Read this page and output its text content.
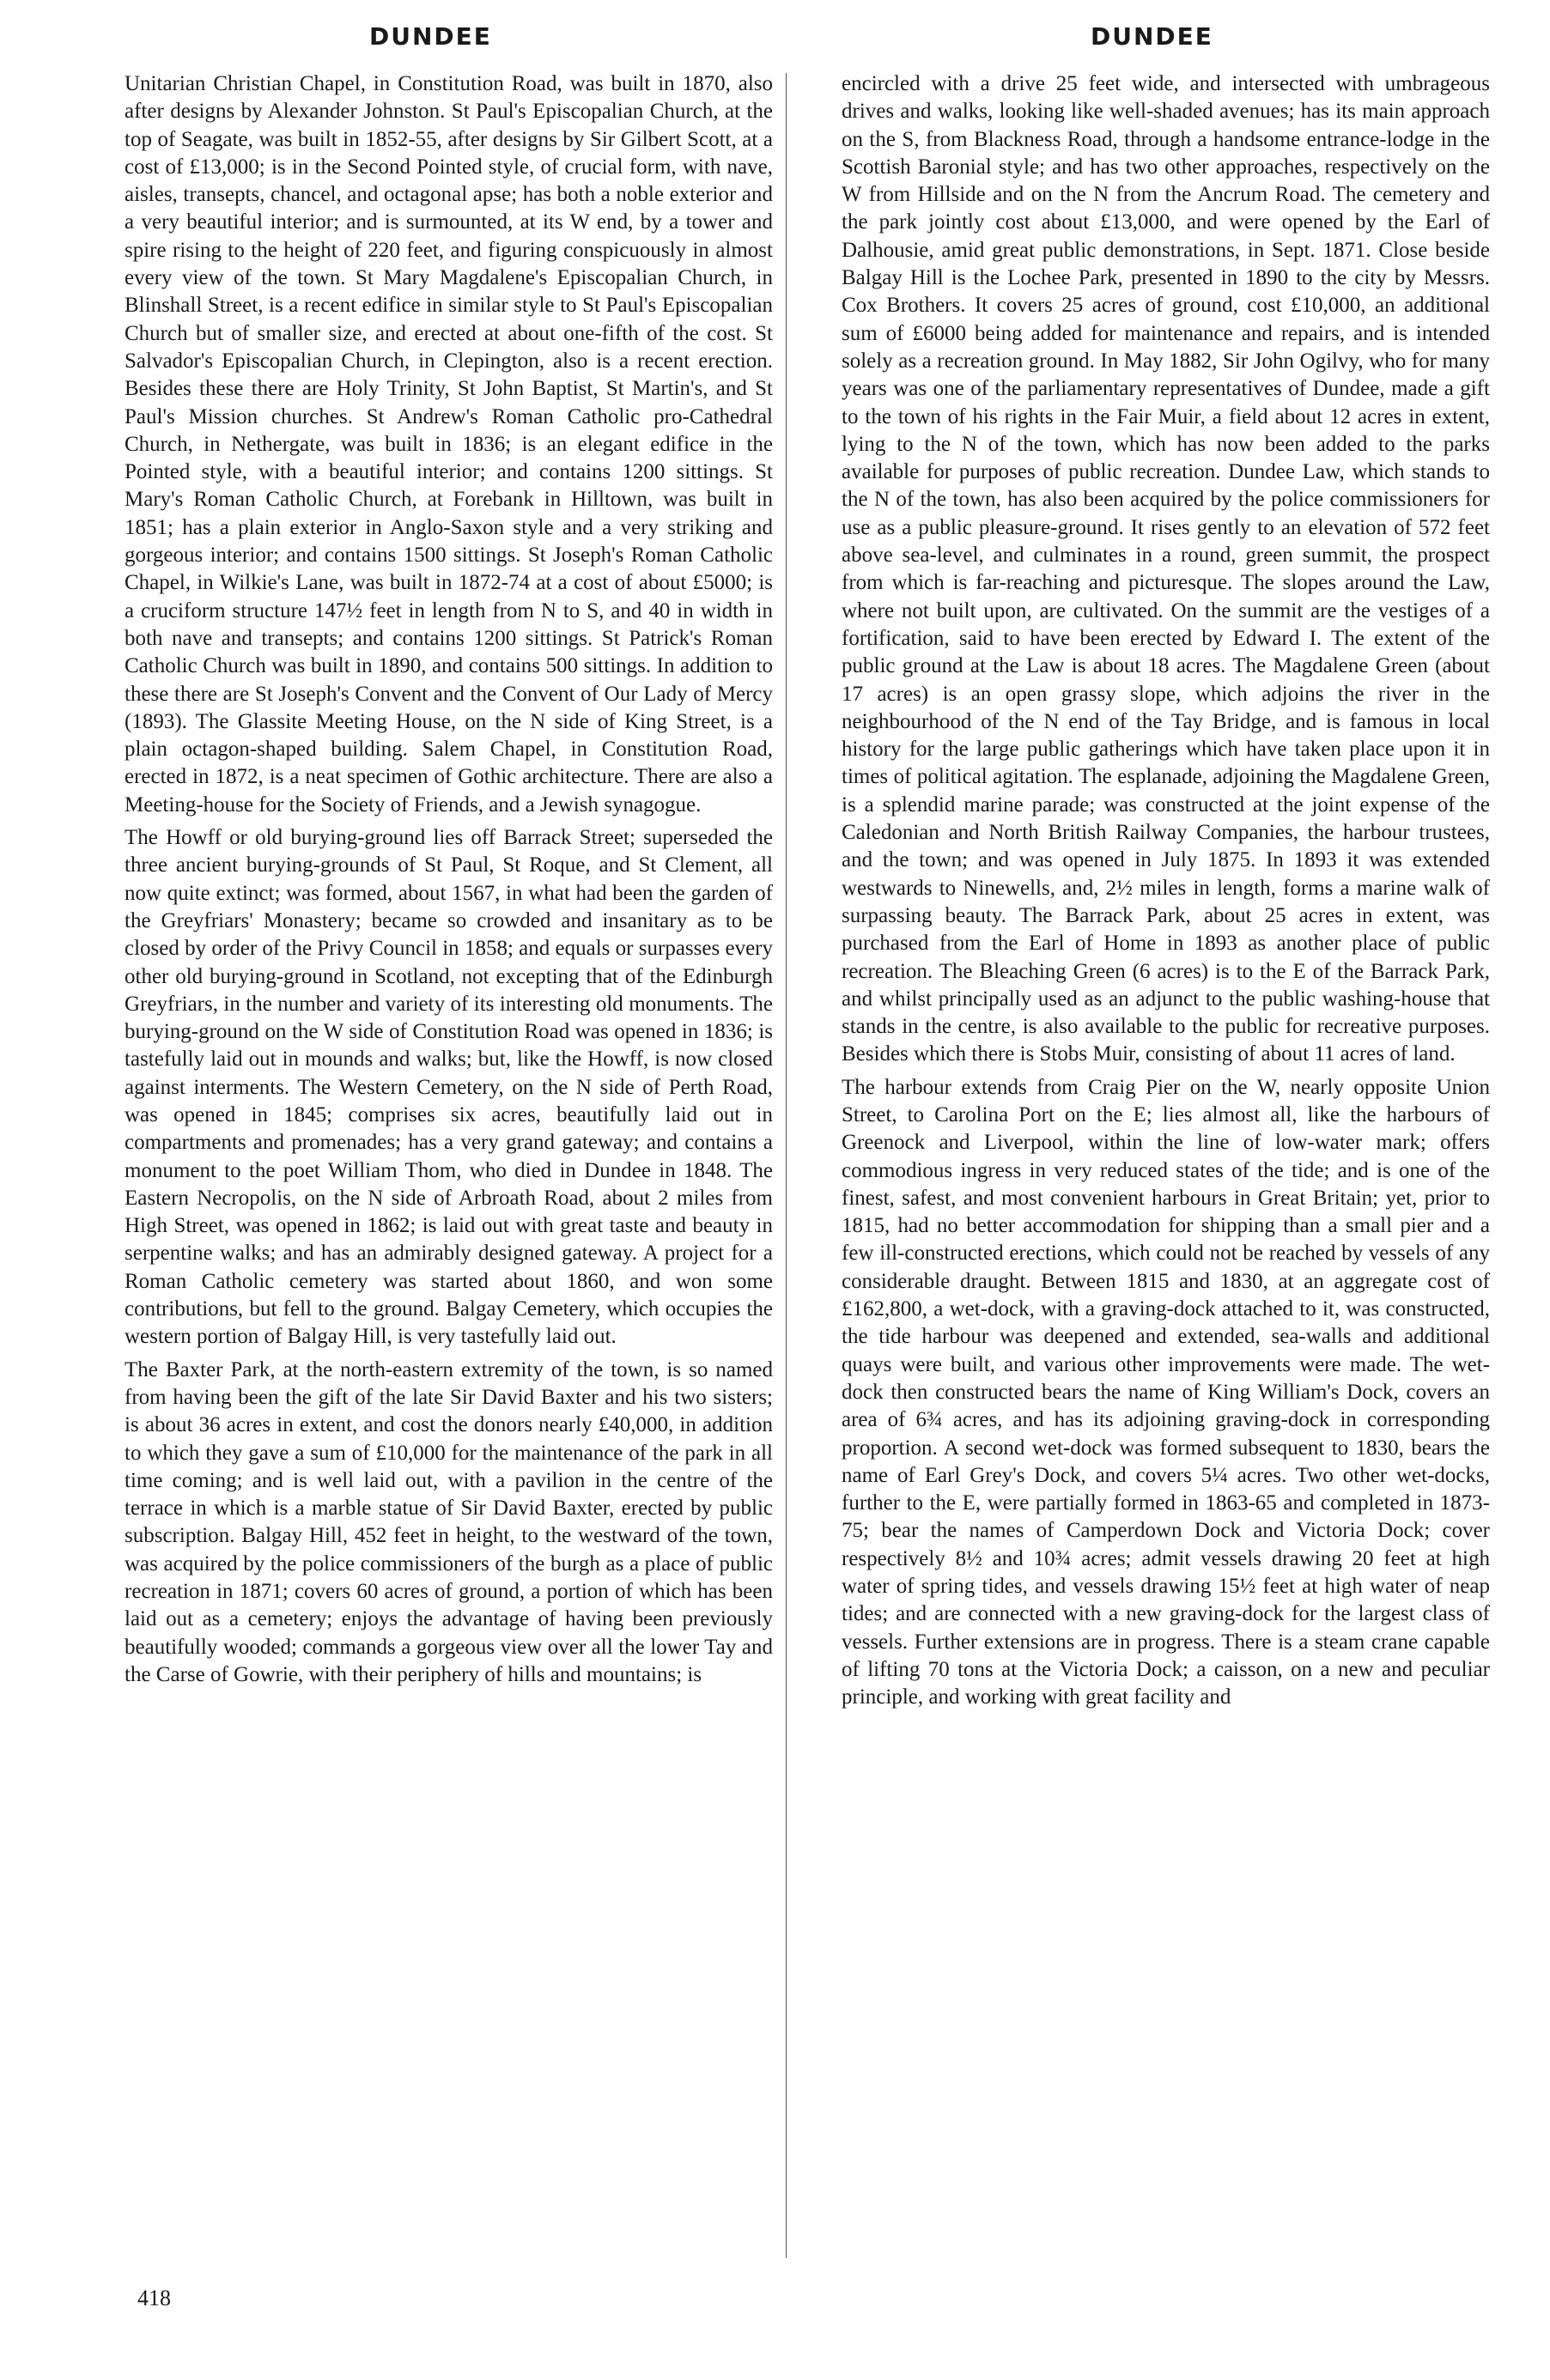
DUNDEE	DUNDEE

Unitarian Christian Chapel, in Constitution Road, was built in 1870, also after designs by Alexander Johnston. St Paul's Episcopalian Church, at the top of Seagate, was built in 1852-55, after designs by Sir Gilbert Scott, at a cost of £13,000; is in the Second Pointed style, of crucial form, with nave, aisles, transepts, chancel, and octagonal apse; has both a noble exterior and a very beautiful interior; and is surmounted, at its W end, by a tower and spire rising to the height of 220 feet, and figuring conspicuously in almost every view of the town. St Mary Magdalene's Episcopalian Church, in Blinshall Street, is a recent edifice in similar style to St Paul's Episcopalian Church but of smaller size, and erected at about one-fifth of the cost. St Salvador's Episcopalian Church, in Clepington, also is a recent erection. Besides these there are Holy Trinity, St John Baptist, St Martin's, and St Paul's Mission churches. St Andrew's Roman Catholic pro-Cathedral Church, in Nethergate, was built in 1836; is an elegant edifice in the Pointed style, with a beautiful interior; and contains 1200 sittings. St Mary's Roman Catholic Church, at Forebank in Hilltown, was built in 1851; has a plain exterior in Anglo-Saxon style and a very striking and gorgeous interior; and contains 1500 sittings. St Joseph's Roman Catholic Chapel, in Wilkie's Lane, was built in 1872-74 at a cost of about £5000; is a cruciform structure 147½ feet in length from N to S, and 40 in width in both nave and transepts; and contains 1200 sittings. St Patrick's Roman Catholic Church was built in 1890, and contains 500 sittings. In addition to these there are St Joseph's Convent and the Convent of Our Lady of Mercy (1893). The Glassite Meeting House, on the N side of King Street, is a plain octagon-shaped building. Salem Chapel, in Constitution Road, erected in 1872, is a neat specimen of Gothic architecture. There are also a Meeting-house for the Society of Friends, and a Jewish synagogue.

The Howff or old burying-ground lies off Barrack Street; superseded the three ancient burying-grounds of St Paul, St Roque, and St Clement, all now quite extinct; was formed, about 1567, in what had been the garden of the Greyfriars' Monastery; became so crowded and insanitary as to be closed by order of the Privy Council in 1858; and equals or surpasses every other old burying-ground in Scotland, not excepting that of the Edinburgh Greyfriars, in the number and variety of its interesting old monuments. The burying-ground on the W side of Constitution Road was opened in 1836; is tastefully laid out in mounds and walks; but, like the Howff, is now closed against interments. The Western Cemetery, on the N side of Perth Road, was opened in 1845; comprises six acres, beautifully laid out in compartments and promenades; has a very grand gateway; and contains a monument to the poet William Thom, who died in Dundee in 1848. The Eastern Necropolis, on the N side of Arbroath Road, about 2 miles from High Street, was opened in 1862; is laid out with great taste and beauty in serpentine walks; and has an admirably designed gateway. A project for a Roman Catholic cemetery was started about 1860, and won some contributions, but fell to the ground. Balgay Cemetery, which occupies the western portion of Balgay Hill, is very tastefully laid out.

The Baxter Park, at the north-eastern extremity of the town, is so named from having been the gift of the late Sir David Baxter and his two sisters; is about 36 acres in extent, and cost the donors nearly £40,000, in addition to which they gave a sum of £10,000 for the maintenance of the park in all time coming; and is well laid out, with a pavilion in the centre of the terrace in which is a marble statue of Sir David Baxter, erected by public subscription. Balgay Hill, 452 feet in height, to the westward of the town, was acquired by the police commissioners of the burgh as a place of public recreation in 1871; covers 60 acres of ground, a portion of which has been laid out as a cemetery; enjoys the advantage of having been previously beautifully wooded; commands a gorgeous view over all the lower Tay and the Carse of Gowrie, with their periphery of hills and mountains; is

encircled with a drive 25 feet wide, and intersected with umbrageous drives and walks, looking like well-shaded avenues; has its main approach on the S, from Blackness Road, through a handsome entrance-lodge in the Scottish Baronial style; and has two other approaches, respectively on the W from Hillside and on the N from the Ancrum Road. The cemetery and the park jointly cost about £13,000, and were opened by the Earl of Dalhousie, amid great public demonstrations, in Sept. 1871. Close beside Balgay Hill is the Lochee Park, presented in 1890 to the city by Messrs. Cox Brothers. It covers 25 acres of ground, cost £10,000, an additional sum of £6000 being added for maintenance and repairs, and is intended solely as a recreation ground. In May 1882, Sir John Ogilvy, who for many years was one of the parliamentary representatives of Dundee, made a gift to the town of his rights in the Fair Muir, a field about 12 acres in extent, lying to the N of the town, which has now been added to the parks available for purposes of public recreation. Dundee Law, which stands to the N of the town, has also been acquired by the police commissioners for use as a public pleasure-ground. It rises gently to an elevation of 572 feet above sea-level, and culminates in a round, green summit, the prospect from which is far-reaching and picturesque. The slopes around the Law, where not built upon, are cultivated. On the summit are the vestiges of a fortification, said to have been erected by Edward I. The extent of the public ground at the Law is about 18 acres. The Magdalene Green (about 17 acres) is an open grassy slope, which adjoins the river in the neighbourhood of the N end of the Tay Bridge, and is famous in local history for the large public gatherings which have taken place upon it in times of political agitation. The esplanade, adjoining the Magdalene Green, is a splendid marine parade; was constructed at the joint expense of the Caledonian and North British Railway Companies, the harbour trustees, and the town; and was opened in July 1875. In 1893 it was extended westwards to Ninewells, and, 2½ miles in length, forms a marine walk of surpassing beauty. The Barrack Park, about 25 acres in extent, was purchased from the Earl of Home in 1893 as another place of public recreation. The Bleaching Green (6 acres) is to the E of the Barrack Park, and whilst principally used as an adjunct to the public washing-house that stands in the centre, is also available to the public for recreative purposes. Besides which there is Stobs Muir, consisting of about 11 acres of land.

The harbour extends from Craig Pier on the W, nearly opposite Union Street, to Carolina Port on the E; lies almost all, like the harbours of Greenock and Liverpool, within the line of low-water mark; offers commodious ingress in very reduced states of the tide; and is one of the finest, safest, and most convenient harbours in Great Britain; yet, prior to 1815, had no better accommodation for shipping than a small pier and a few ill-constructed erections, which could not be reached by vessels of any considerable draught. Between 1815 and 1830, at an aggregate cost of £162,800, a wet-dock, with a graving-dock attached to it, was constructed, the tide harbour was deepened and extended, sea-walls and additional quays were built, and various other improvements were made. The wet-dock then constructed bears the name of King William's Dock, covers an area of 6¾ acres, and has its adjoining graving-dock in corresponding proportion. A second wet-dock was formed subsequent to 1830, bears the name of Earl Grey's Dock, and covers 5¼ acres. Two other wet-docks, further to the E, were partially formed in 1863-65 and completed in 1873-75; bear the names of Camperdown Dock and Victoria Dock; cover respectively 8½ and 10¾ acres; admit vessels drawing 20 feet at high water of spring tides, and vessels drawing 15½ feet at high water of neap tides; and are connected with a new graving-dock for the largest class of vessels. Further extensions are in progress. There is a steam crane capable of lifting 70 tons at the Victoria Dock; a caisson, on a new and peculiar principle, and working with great facility and

418
